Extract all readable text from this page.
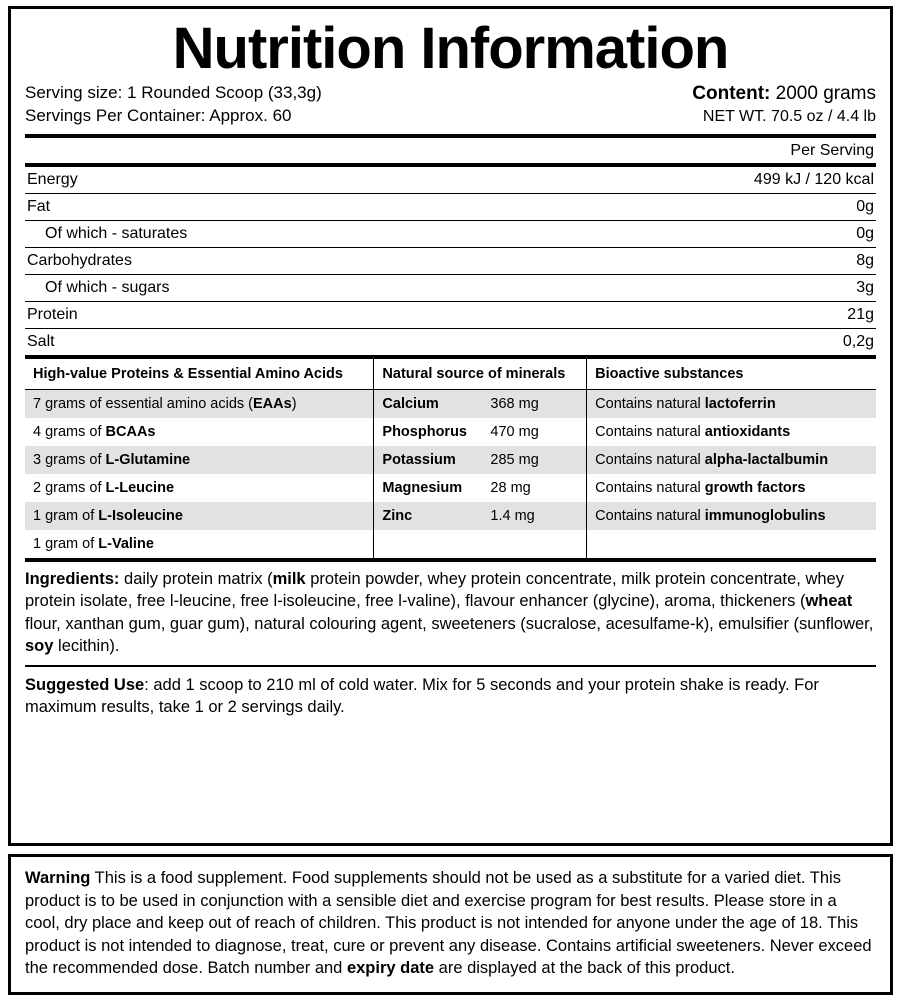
Nutrition Information
Serving size: 1 Rounded Scoop (33,3g)
Servings Per Container: Approx. 60
Content: 2000 grams
NET WT. 70.5 oz / 4.4 lb
	Per Serving
Energy	499 kJ / 120 kcal
Fat	0g
Of which - saturates	0g
Carbohydrates	8g
Of which - sugars	3g
Protein	21g
Salt	0,2g
High-value Proteins & Essential Amino Acids	Natural source of minerals	Bioactive substances
7 grams of essential amino acids (EAAs)	Calcium 368 mg	Contains natural lactoferrin
4 grams of BCAAs	Phosphorus 470 mg	Contains natural antioxidants
3 grams of L-Glutamine	Potassium 285 mg	Contains natural alpha-lactalbumin
2 grams of L-Leucine	Magnesium 28 mg	Contains natural growth factors
1 gram of L-Isoleucine	Zinc 1.4 mg	Contains natural immunoglobulins
1 gram of L-Valine		
Ingredients: daily protein matrix (milk protein powder, whey protein concentrate, milk protein concentrate, whey protein isolate, free l-leucine, free l-isoleucine, free l-valine), flavour enhancer (glycine), aroma, thickeners (wheat flour, xanthan gum, guar gum), natural colouring agent, sweeteners (sucralose, acesulfame-k), emulsifier (sunflower, soy lecithin).
Suggested Use: add 1 scoop to 210 ml of cold water. Mix for 5 seconds and your protein shake is ready. For maximum results, take 1 or 2 servings daily.
Warning This is a food supplement. Food supplements should not be used as a substitute for a varied diet. This product is to be used in conjunction with a sensible diet and exercise program for best results. Please store in a cool, dry place and keep out of reach of children. This product is not intended for anyone under the age of 18. This product is not intended to diagnose, treat, cure or prevent any disease. Contains artificial sweeteners. Never exceed the recommended dose. Batch number and expiry date are displayed at the back of this product.
